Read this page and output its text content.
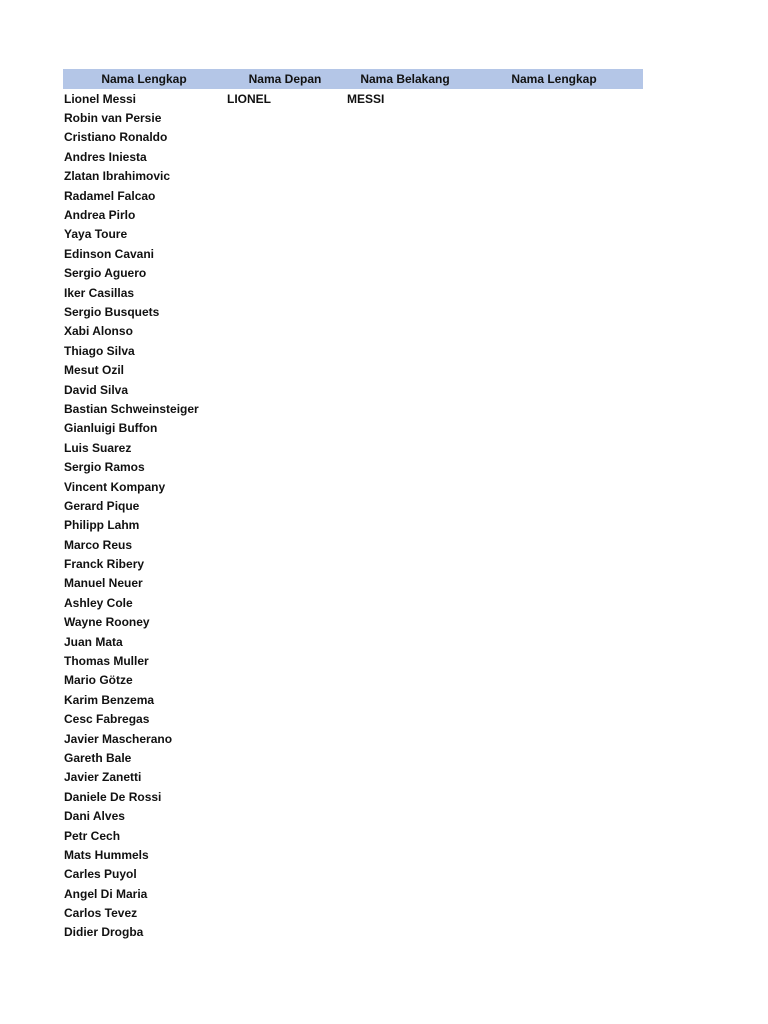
Nama Lengkap	Nama Depan	Nama Belakang	Nama Lengkap
Lionel Messi	LIONEL	MESSI
Robin van Persie
Cristiano Ronaldo
Andres Iniesta
Zlatan Ibrahimovic
Radamel Falcao
Andrea Pirlo
Yaya Toure
Edinson Cavani
Sergio Aguero
Iker Casillas
Sergio Busquets
Xabi Alonso
Thiago Silva
Mesut Ozil
David Silva
Bastian Schweinsteiger
Gianluigi Buffon
Luis Suarez
Sergio Ramos
Vincent Kompany
Gerard Pique
Philipp Lahm
Marco Reus
Franck Ribery
Manuel Neuer
Ashley Cole
Wayne Rooney
Juan Mata
Thomas Muller
Mario Götze
Karim Benzema
Cesc Fabregas
Javier Mascherano
Gareth Bale
Javier Zanetti
Daniele De Rossi
Dani Alves
Petr Cech
Mats Hummels
Carles Puyol
Angel Di Maria
Carlos Tevez
Didier Drogba
